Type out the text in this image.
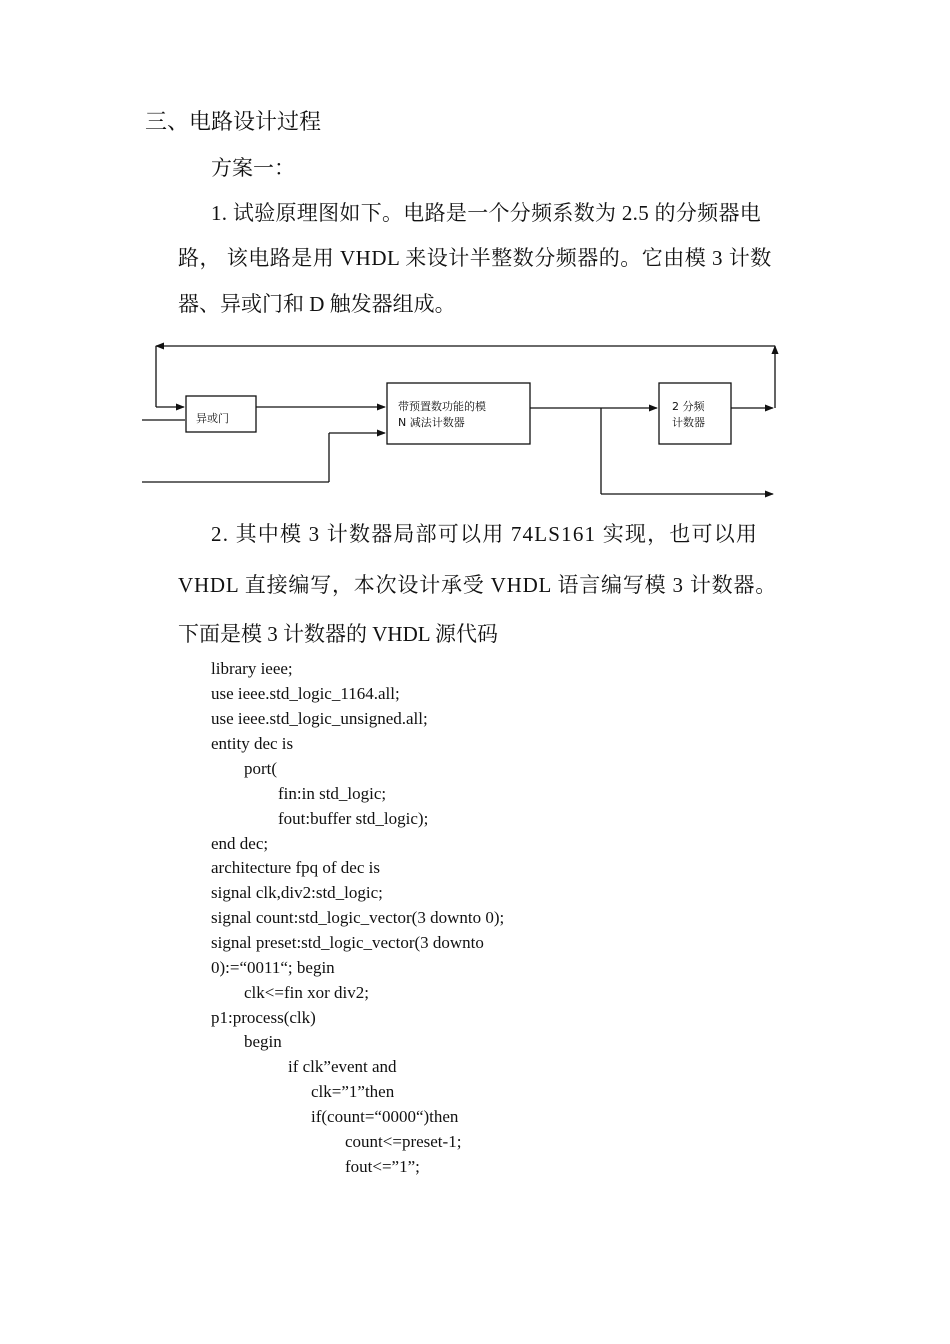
三、电路设计过程
方案一：
1. 试验原理图如下。电路是一个分频系数为 2.5 的分频器电
路， 该电路是用 VHDL 来设计半整数分频器的。它由模 3 计数
器、异或门和 D 触发器组成。
异或门
带预置数功能的模
N 减法计数器
2 分频
计数器
2. 其中模 3 计数器局部可以用 74LS161 实现，也可以用
VHDL 直接编写，本次设计承受 VHDL 语言编写模 3 计数器。
下面是模 3 计数器的 VHDL 源代码
library ieee;
use ieee.std_logic_1164.all;
use ieee.std_logic_unsigned.all;
entity dec is
port(
fin:in std_logic;
fout:buffer std_logic);
end dec;
architecture fpq of dec is
signal clk,div2:std_logic;
signal count:std_logic_vector(3 downto 0);
signal preset:std_logic_vector(3 downto
0):=“0011“; begin
clk<=fin xor div2;
p1:process(clk)
begin
if clk”event and
clk=”1”then
if(count=“0000“)then
count<=preset-1;
fout<=”1”;
